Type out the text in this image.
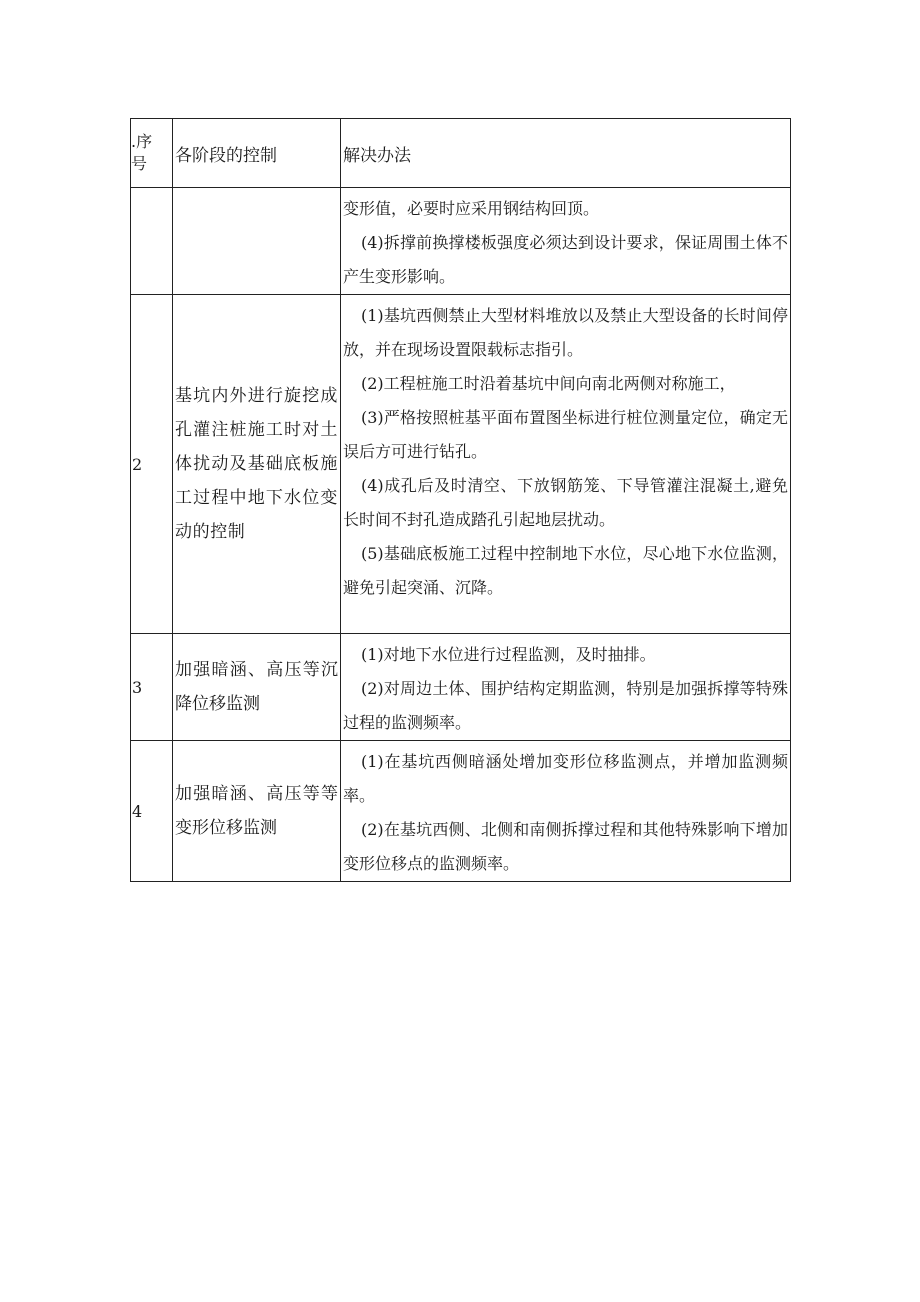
.序
号	各阶段的控制	解决办法

		变形值，必要时应采用钢结构回顶。

(4)拆撑前换撑楼板强度必须达到设计要求，保证周围土体不产生变形影响。

2	基坑内外进行旋挖成孔灌注桩施工时对土体扰动及基础底板施工过程中地下水位变动的控制	(1)基坑西侧禁止大型材料堆放以及禁止大型设备的长时间停放，并在现场设置限载标志指引。

(2)工程桩施工时沿着基坑中间向南北两侧对称施工，

(3)严格按照桩基平面布置图坐标进行桩位测量定位，确定无误后方可进行钻孔。

(4)成孔后及时清空、下放钢筋笼、下导管灌注混凝土,避免长时间不封孔造成踏孔引起地层扰动。

(5)基础底板施工过程中控制地下水位，尽心地下水位监测，避免引起突涌、沉降。

3	加强暗涵、高压等沉降位移监测	(1)对地下水位进行过程监测，及时抽排。

(2)对周边土体、围护结构定期监测，特别是加强拆撑等特殊过程的监测频率。

4	加强暗涵、高压等等变形位移监测	(1)在基坑西侧暗涵处增加变形位移监测点，并增加监测频率。

(2)在基坑西侧、北侧和南侧拆撑过程和其他特殊影响下增加变形位移点的监测频率。
